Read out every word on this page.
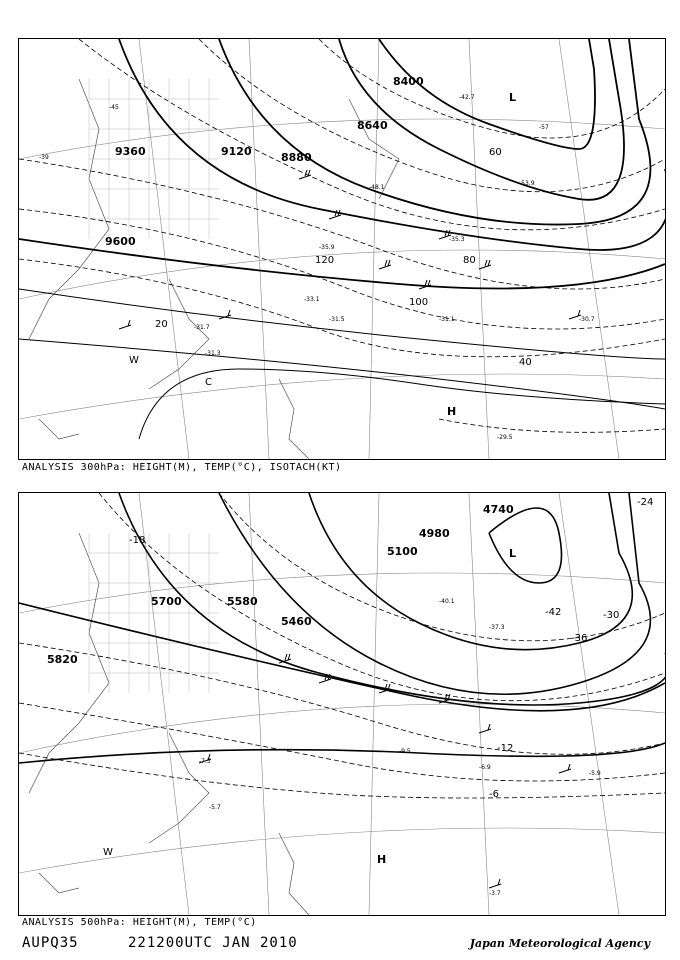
9360	9120	8880
8640
8400
9600
20
40
60
80
100
120
-35.9
-33.1
-31.7
-31.5	-31.1
-29.5
-30.7
-31.3
-42.7
-53.9
-57
-39
-45
-48.1
-35.3
H
L
C
W
ANALYSIS 300hPa: HEIGHT(M), TEMP(°C), ISOTACH(KT)
5700	5580
5820
5460
5100
4980
4740
-18
-24
-30
-36
-42
-12
-6
-9.5
-6.9
-5.9
-3.7
-5.7
-7.5
-40.1
-37.3
H
L
W
ANALYSIS 500hPa: HEIGHT(M), TEMP(°C)
AUPQ35	221200UTC JAN 2010	Japan Meteorological Agency
